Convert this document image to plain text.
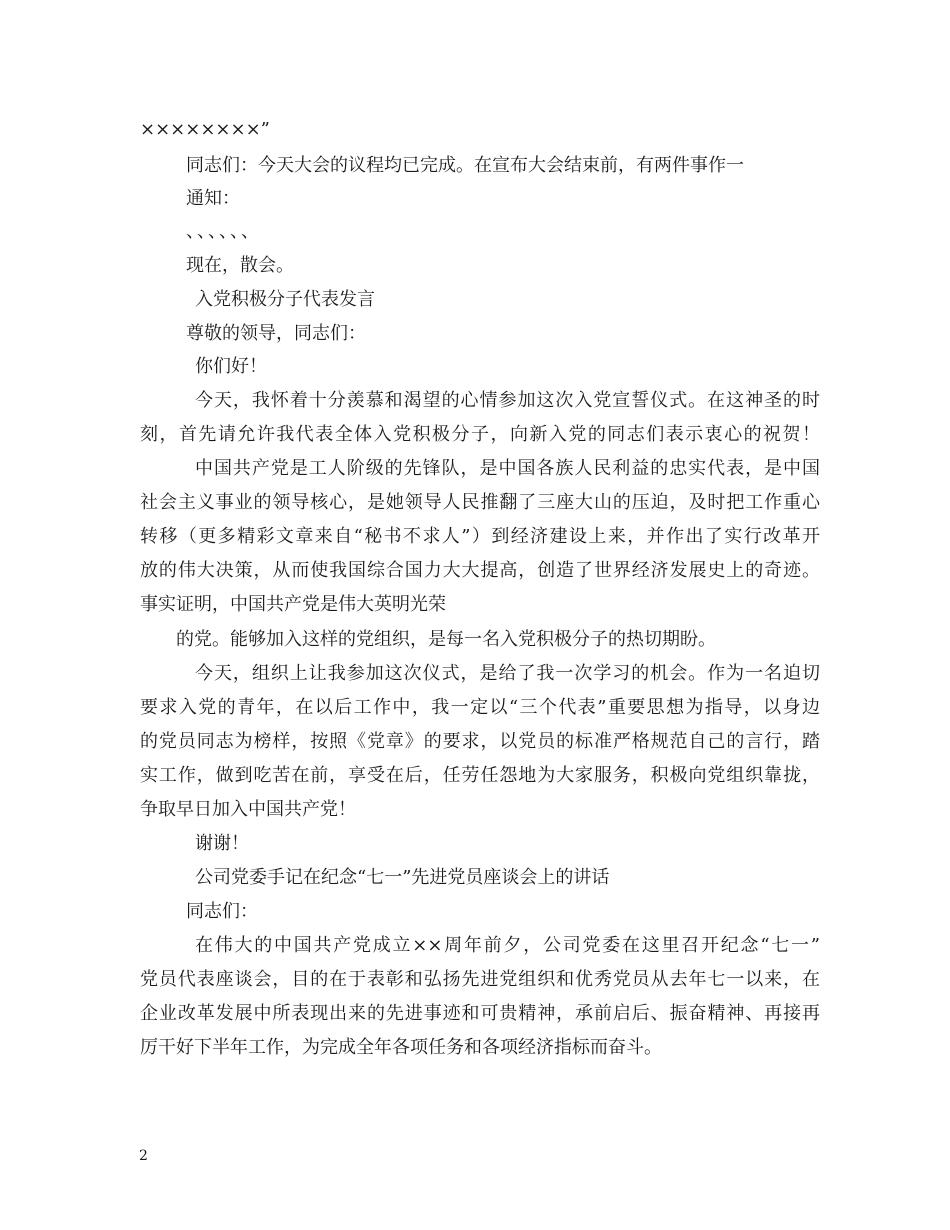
××××××××”
同志们：今天大会的议程均已完成。在宣布大会结束前，有两件事作一
通知：
、、、、、、
现在，散会。
入党积极分子代表发言
尊敬的领导，同志们：
你们好！
今天，我怀着十分羡慕和渴望的心情参加这次入党宣誓仪式。在这神圣的时
刻，首先请允许我代表全体入党积极分子，向新入党的同志们表示衷心的祝贺！
中国共产党是工人阶级的先锋队，是中国各族人民利益的忠实代表，是中国
社会主义事业的领导核心，是她领导人民推翻了三座大山的压迫，及时把工作重心
转移（更多精彩文章来自“秘书不求人”）到经济建设上来，并作出了实行改革开
放的伟大决策，从而使我国综合国力大大提高，创造了世界经济发展史上的奇迹。
事实证明，中国共产党是伟大英明光荣
的党。能够加入这样的党组织，是每一名入党积极分子的热切期盼。
今天，组织上让我参加这次仪式，是给了我一次学习的机会。作为一名迫切
要求入党的青年，在以后工作中，我一定以“三个代表”重要思想为指导，以身边
的党员同志为榜样，按照《党章》的要求，以党员的标准严格规范自己的言行，踏
实工作，做到吃苦在前，享受在后，任劳任怨地为大家服务，积极向党组织靠拢，
争取早日加入中国共产党！
谢谢！
公司党委手记在纪念“七一”先进党员座谈会上的讲话
同志们：
在伟大的中国共产党成立××周年前夕，公司党委在这里召开纪念“七一”
党员代表座谈会，目的在于表彰和弘扬先进党组织和优秀党员从去年七一以来，在
企业改革发展中所表现出来的先进事迹和可贵精神，承前启后、振奋精神、再接再
厉干好下半年工作，为完成全年各项任务和各项经济指标而奋斗。
2
